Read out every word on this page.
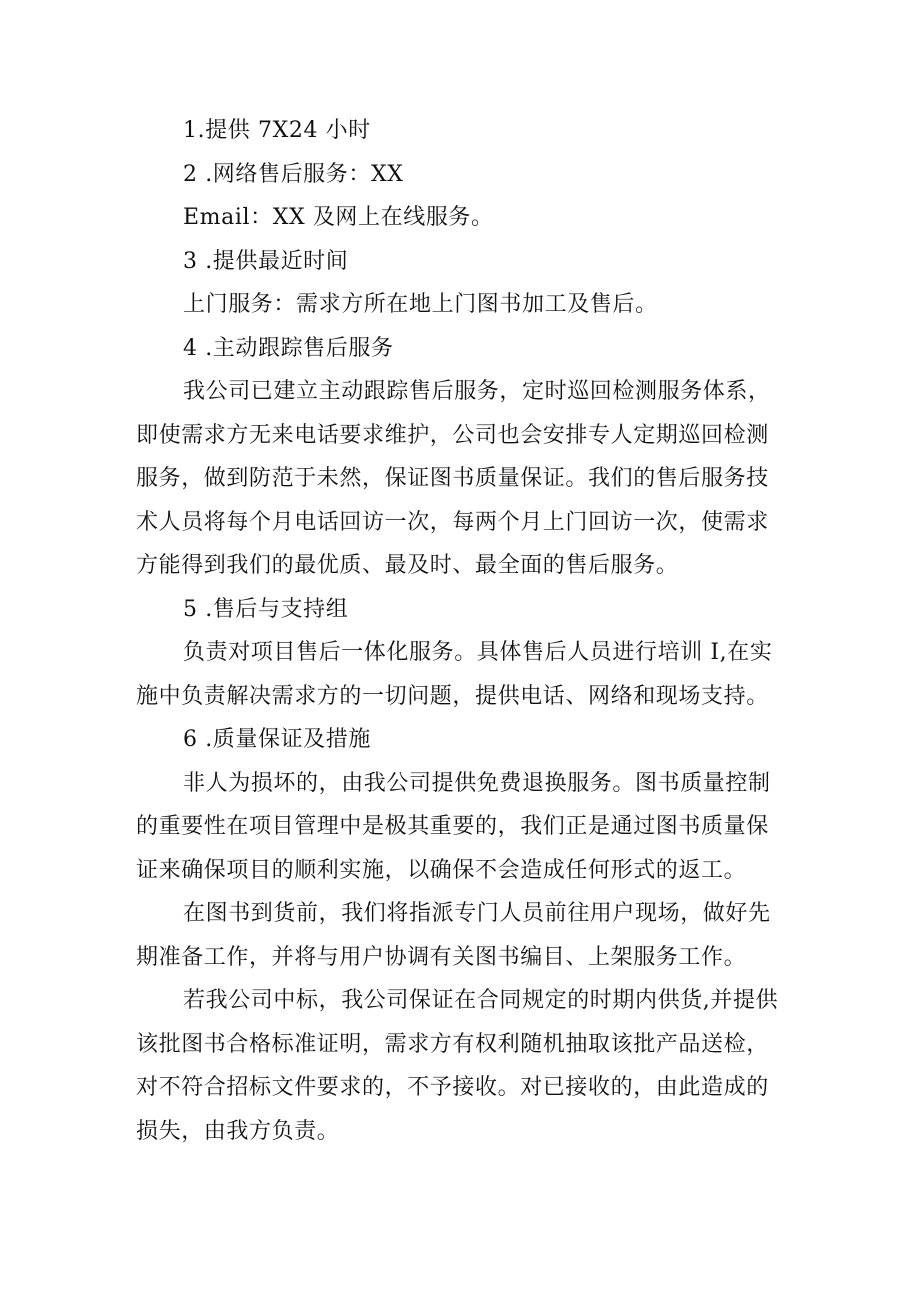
1.提供 7X24 小时
2 .网络售后服务：XX
Email：XX 及网上在线服务。
3 .提供最近时间
上门服务：需求方所在地上门图书加工及售后。
4 .主动跟踪售后服务
我公司已建立主动跟踪售后服务，定时巡回检测服务体系，
即使需求方无来电话要求维护，公司也会安排专人定期巡回检测
服务，做到防范于未然，保证图书质量保证。我们的售后服务技
术人员将每个月电话回访一次，每两个月上门回访一次，使需求
方能得到我们的最优质、最及时、最全面的售后服务。
5 .售后与支持组
负责对项目售后一体化服务。具体售后人员进行培训 I,在实
施中负责解决需求方的一切问题，提供电话、网络和现场支持。
6 .质量保证及措施
非人为损坏的，由我公司提供免费退换服务。图书质量控制
的重要性在项目管理中是极其重要的，我们正是通过图书质量保
证来确保项目的顺利实施，以确保不会造成任何形式的返工。
在图书到货前，我们将指派专门人员前往用户现场，做好先
期准备工作，并将与用户协调有关图书编目、上架服务工作。
若我公司中标，我公司保证在合同规定的时期内供货,并提供
该批图书合格标准证明，需求方有权利随机抽取该批产品送检，
对不符合招标文件要求的，不予接收。对已接收的，由此造成的
损失，由我方负责。
